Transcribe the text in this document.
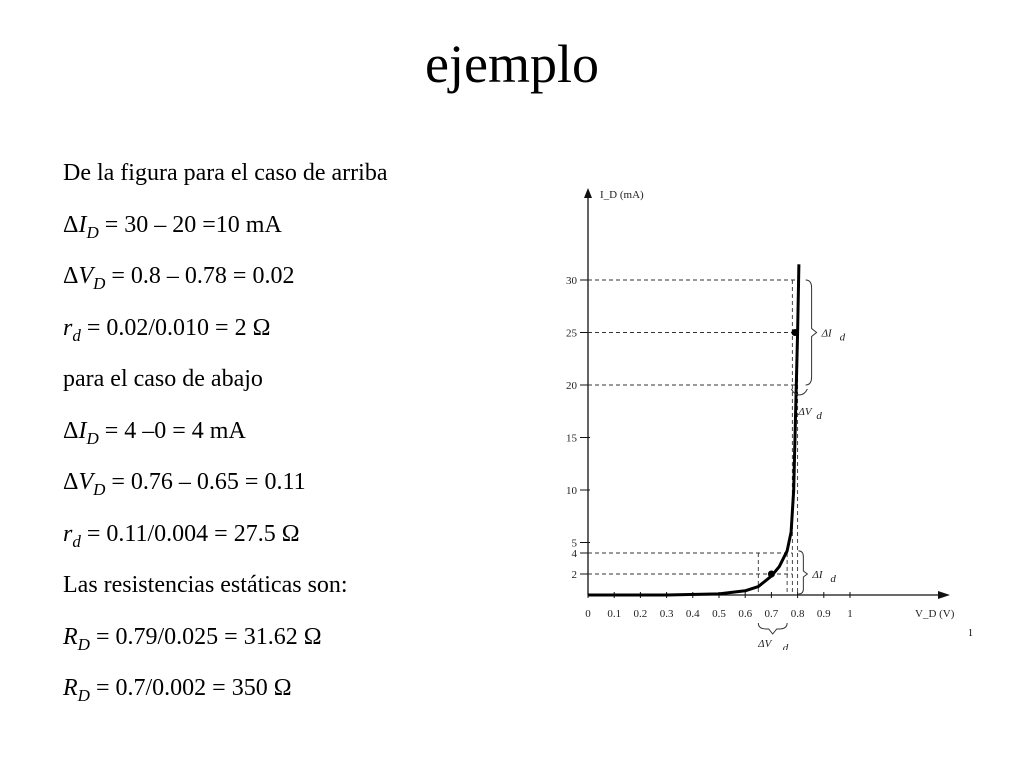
ejemplo
De la figura para el caso de arriba
$\Delta I_D = 30 - 20 =10$ mA
$\Delta V_D = 0.8 - 0.78 = 0.02$
$r_d = 0.02/0.010 = 2$ Ω
para el caso de abajo
$\Delta I_D = 4$ –0 = 4 mA
$\Delta V_D = 0.76 - 0.65 = 0.11$
$r_d = 0.11/0.004 = 27.5$ Ω
Las resistencias estáticas son:
$R_D = 0.79/0.025 = 31.62$ Ω
$R_D = 0.7/0.002 = 350$ Ω
I_D (mA)
V_D (V)
2
4
5
10
15
20
25
30
0 0.1 0.2 0.3 0.4 0.5 0.6 0.7 0.8 0.9 1
ΔI d
ΔV d
ΔI d
ΔV d
1
